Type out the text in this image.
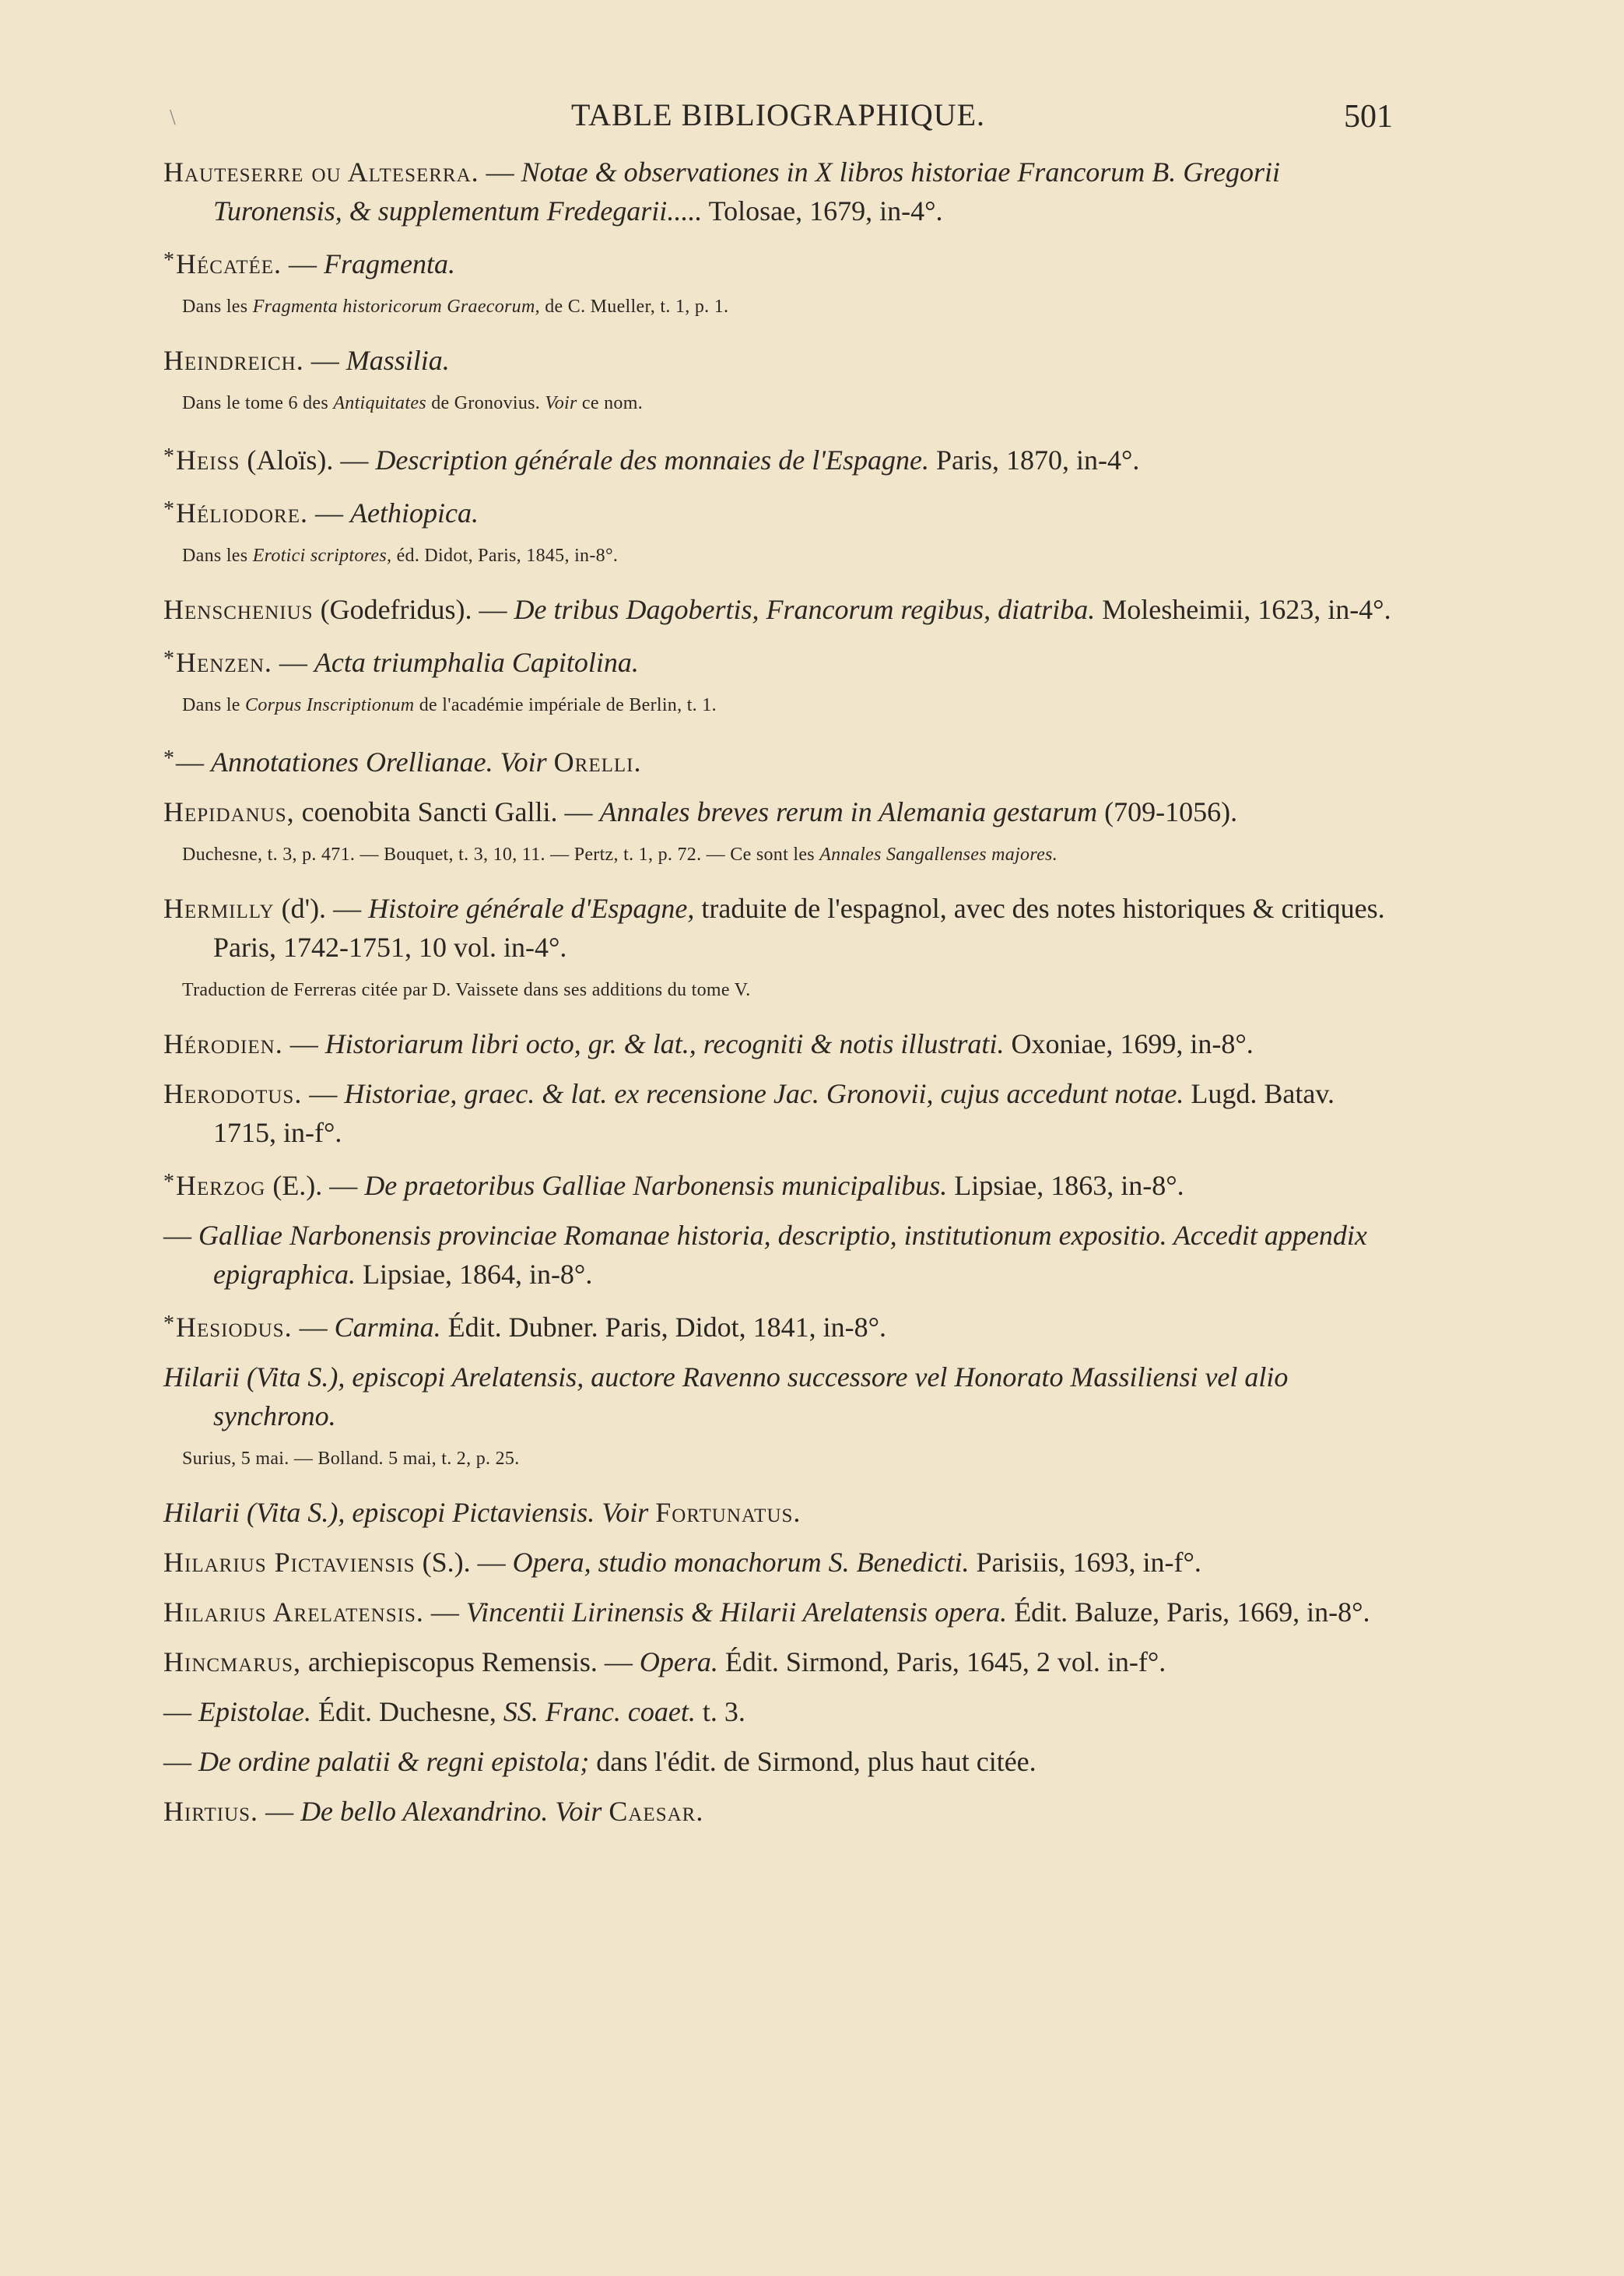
\	TABLE BIBLIOGRAPHIQUE.	501

Hauteserre ou Alteserra. — Notae & observationes in X libros historiae Francorum B. Gregorii Turonensis, & supplementum Fredegarii..... Tolosae, 1679, in-4°.

*Hécatée. — Fragmenta.

Dans les Fragmenta historicorum Graecorum, de C. Mueller, t. 1, p. 1.

Heindreich. — Massilia.

Dans le tome 6 des Antiquitates de Gronovius. Voir ce nom.

*Heiss (Aloïs). — Description générale des monnaies de l'Espagne. Paris, 1870, in-4°.

*Héliodore. — Aethiopica.

Dans les Erotici scriptores, éd. Didot, Paris, 1845, in-8°.

Henschenius (Godefridus). — De tribus Dagobertis, Francorum regibus, diatriba. Molesheimii, 1623, in-4°.

*Henzen. — Acta triumphalia Capitolina.

Dans le Corpus Inscriptionum de l'académie impériale de Berlin, t. 1.

*— Annotationes Orellianae. Voir Orelli.

Hepidanus, coenobita Sancti Galli. — Annales breves rerum in Alemania gestarum (709-1056).

Duchesne, t. 3, p. 471. — Bouquet, t. 3, 10, 11. — Pertz, t. 1, p. 72. — Ce sont les Annales Sangallenses majores.

Hermilly (d'). — Histoire générale d'Espagne, traduite de l'espagnol, avec des notes historiques & critiques. Paris, 1742-1751, 10 vol. in-4°.

Traduction de Ferreras citée par D. Vaissete dans ses additions du tome V.

Hérodien. — Historiarum libri octo, gr. & lat., recogniti & notis illustrati. Oxoniae, 1699, in-8°.

Herodotus. — Historiae, graec. & lat. ex recensione Jac. Gronovii, cujus accedunt notae. Lugd. Batav. 1715, in-f°.

*Herzog (E.). — De praetoribus Galliae Narbonensis municipalibus. Lipsiae, 1863, in-8°.

— Galliae Narbonensis provinciae Romanae historia, descriptio, institutionum expositio. Accedit appendix epigraphica. Lipsiae, 1864, in-8°.

*Hesiodus. — Carmina. Édit. Dubner. Paris, Didot, 1841, in-8°.

Hilarii (Vita S.), episcopi Arelatensis, auctore Ravenno successore vel Honorato Massiliensi vel alio synchrono.

Surius, 5 mai. — Bolland. 5 mai, t. 2, p. 25.

Hilarii (Vita S.), episcopi Pictaviensis. Voir Fortunatus.

Hilarius Pictaviensis (S.). — Opera, studio monachorum S. Benedicti. Parisiis, 1693, in-f°.

Hilarius Arelatensis. — Vincentii Lirinensis & Hilarii Arelatensis opera. Édit. Baluze, Paris, 1669, in-8°.

Hincmarus, archiepiscopus Remensis. — Opera. Édit. Sirmond, Paris, 1645, 2 vol. in-f°.

— Epistolae. Édit. Duchesne, SS. Franc. coaet. t. 3.

— De ordine palatii & regni epistola; dans l'édit. de Sirmond, plus haut citée.

Hirtius. — De bello Alexandrino. Voir Caesar.
